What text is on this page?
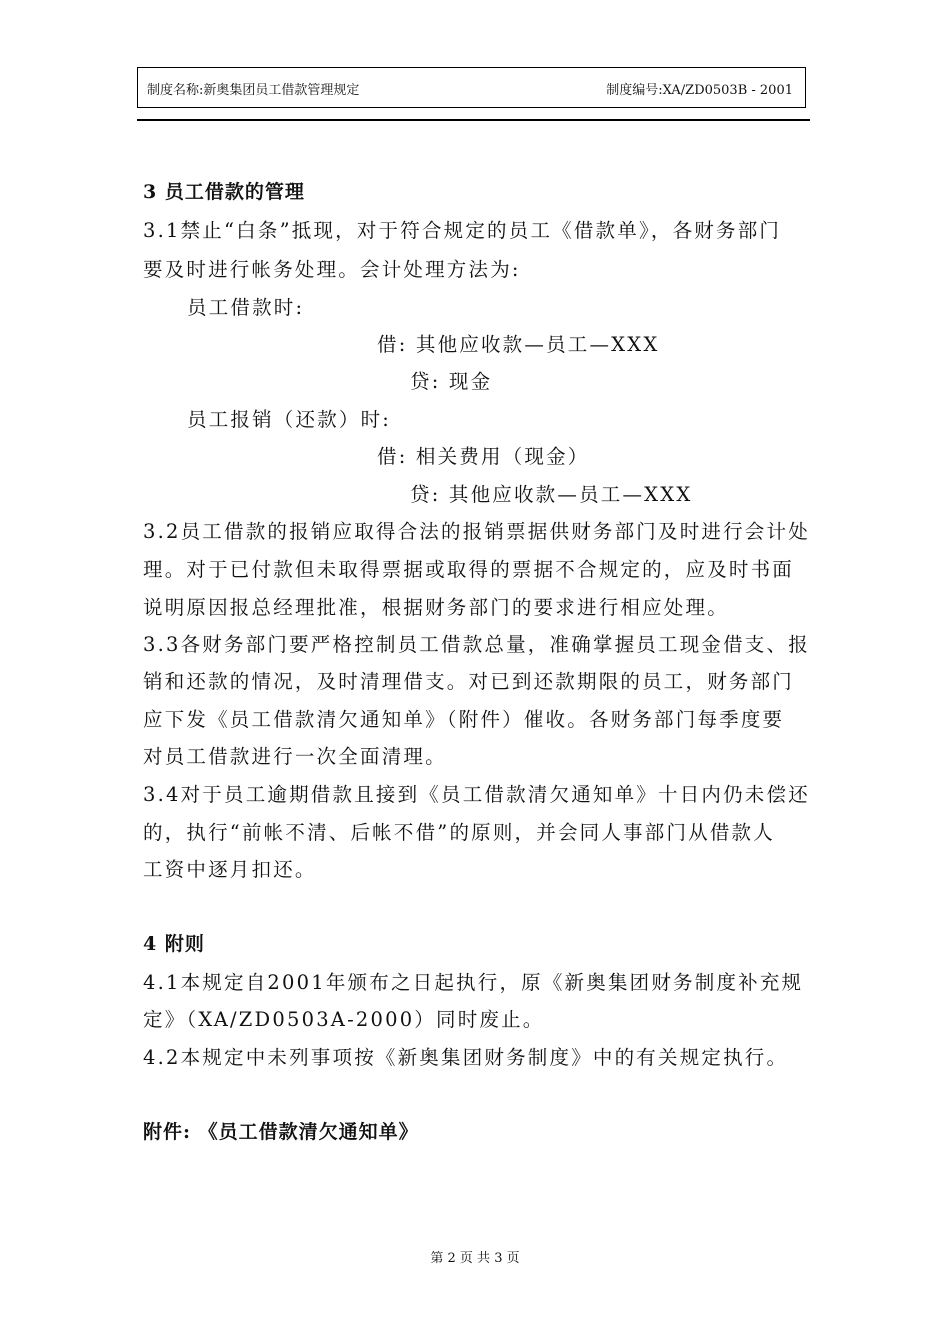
制度名称:新奥集团员工借款管理规定	制度编号:XA/ZD0503B - 2001
3 员工借款的管理
3.1禁止“白条”抵现，对于符合规定的员工《借款单》，各财务部门
要及时进行帐务处理。会计处理方法为:
员工借款时:
借: 其他应收款—员工—XXX
贷: 现金
员工报销（还款）时:
借: 相关费用（现金）
贷: 其他应收款—员工—XXX
3.2员工借款的报销应取得合法的报销票据供财务部门及时进行会计处
理。对于已付款但未取得票据或取得的票据不合规定的，应及时书面
说明原因报总经理批准，根据财务部门的要求进行相应处理。
3.3各财务部门要严格控制员工借款总量，准确掌握员工现金借支、报
销和还款的情况，及时清理借支。对已到还款期限的员工，财务部门
应下发《员工借款清欠通知单》（附件）催收。各财务部门每季度要
对员工借款进行一次全面清理。
3.4对于员工逾期借款且接到《员工借款清欠通知单》十日内仍未偿还
的，执行“前帐不清、后帐不借”的原则，并会同人事部门从借款人
工资中逐月扣还。
4 附则
4.1本规定自2001年颁布之日起执行，原《新奥集团财务制度补充规
定》（XA/ZD0503A-2000）同时废止。
4.2本规定中未列事项按《新奥集团财务制度》中的有关规定执行。
附件: 《员工借款清欠通知单》
第 2 页 共 3 页
